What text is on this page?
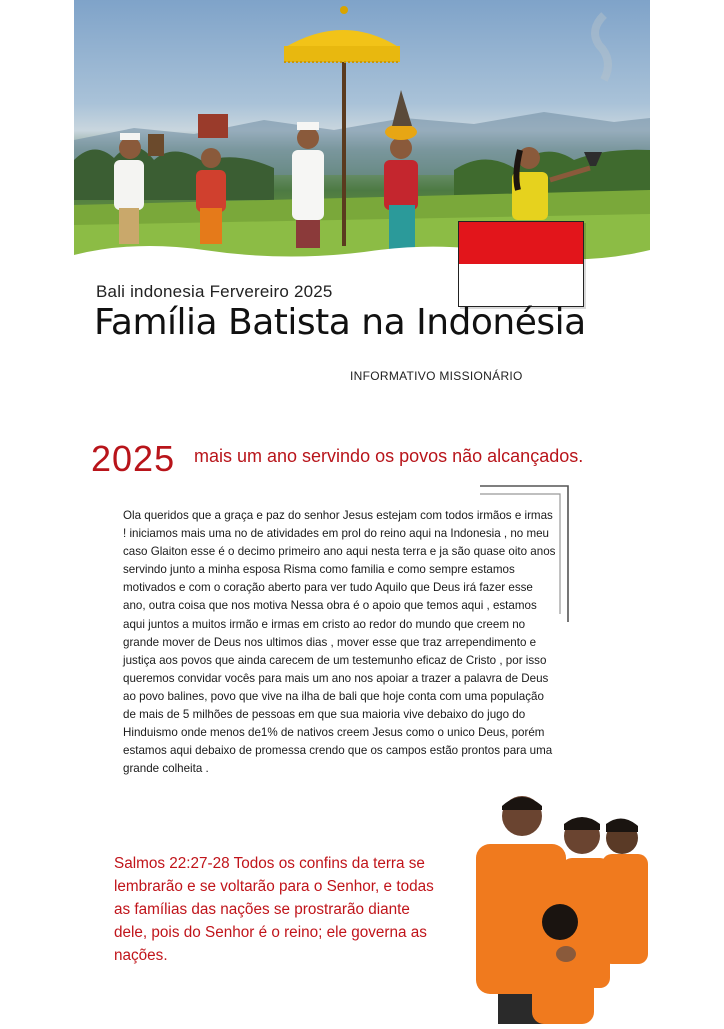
Bali indonesia Fervereiro 2025
Família Batista na Indonésia
INFORMATIVO MISSIONÁRIO
2025 mais um ano servindo os povos não alcançados.
Ola queridos que a graça e paz do senhor Jesus estejam com todos irmãos e irmas ! iniciamos mais uma no de atividades em prol do reino aqui na Indonesia , no meu caso Glaiton esse é o decimo primeiro ano aqui nesta terra e ja são quase oito anos servindo junto a minha esposa Risma como familia e como sempre estamos motivados e com o coração aberto para ver tudo Aquilo que Deus irá fazer esse ano, outra coisa que nos motiva Nessa obra é o apoio que temos aqui , estamos aqui juntos a muitos irmão e irmas em cristo ao redor do mundo que creem no grande mover de Deus nos ultimos dias , mover esse que traz arrependimento e justiça aos povos que ainda carecem de um testemunho eficaz de Cristo , por isso queremos convidar vocês para mais um ano nos apoiar a trazer a palavra de Deus ao povo balines, povo que vive na ilha de bali que hoje conta com uma população de mais de 5 milhões de pessoas em que sua maioria vive debaixo do jugo do Hinduismo onde menos de1% de nativos creem Jesus como o unico Deus, porém estamos aqui debaixo de promessa crendo que os campos estão prontos para uma grande colheita .
Salmos 22:27-28 Todos os confins da terra se lembrarão e se voltarão para o Senhor, e todas as famílias das nações se prostrarão diante dele, pois do Senhor é o reino; ele governa as nações.
